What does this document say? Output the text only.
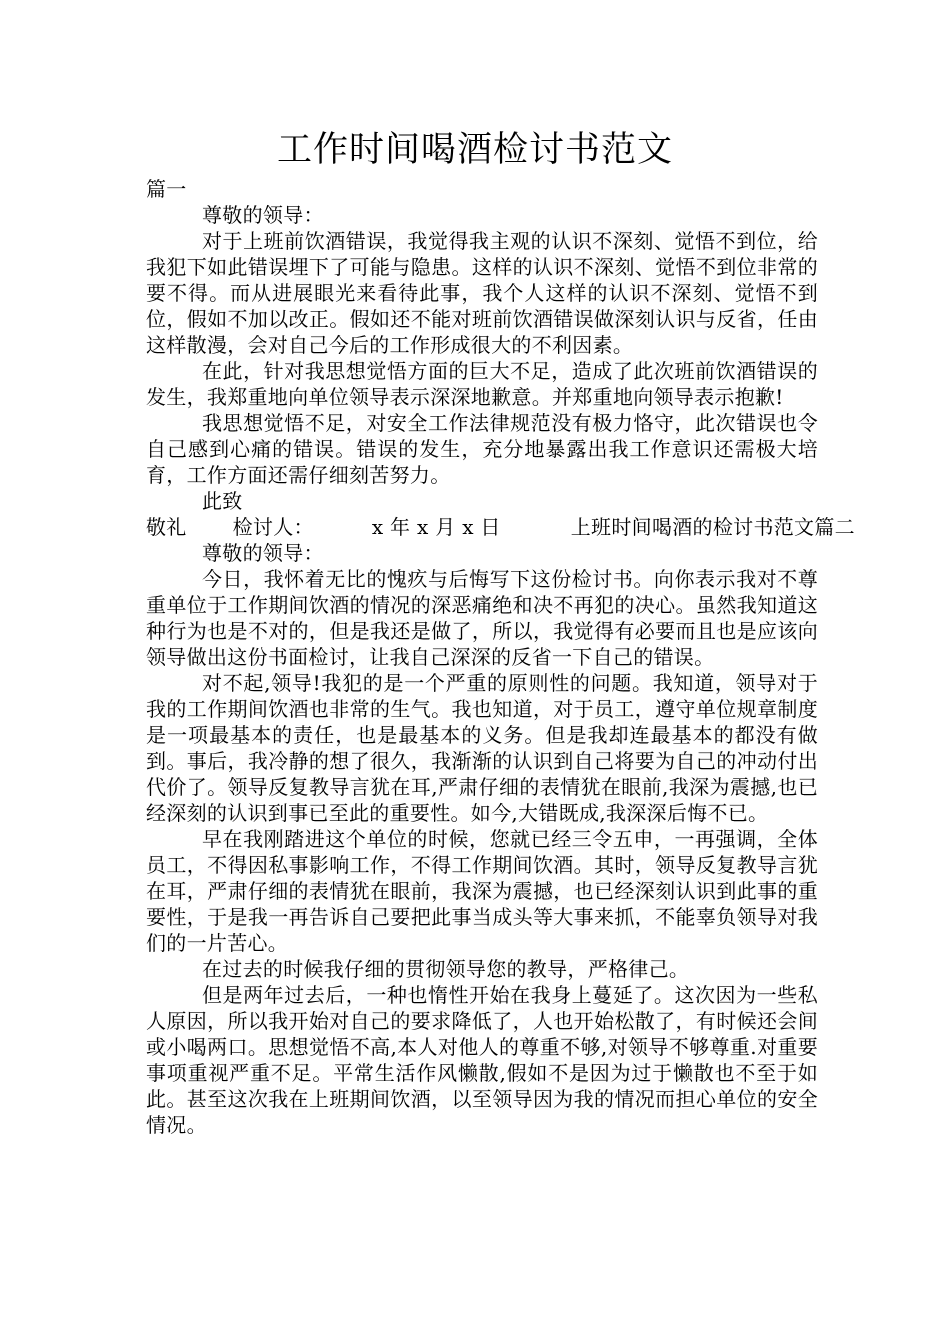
工作时间喝酒检讨书范文

篇一

尊敬的领导：

对于上班前饮酒错误，我觉得我主观的认识不深刻、觉悟不到位，给我犯下如此错误埋下了可能与隐患。这样的认识不深刻、觉悟不到位非常的要不得。而从进展眼光来看待此事，我个人这样的认识不深刻、觉悟不到位，假如不加以改正。假如还不能对班前饮酒错误做深刻认识与反省，任由这样散漫，会对自己今后的工作形成很大的不利因素。

在此，针对我思想觉悟方面的巨大不足，造成了此次班前饮酒错误的发生，我郑重地向单位领导表示深深地歉意。并郑重地向领导表示抱歉!

我思想觉悟不足，对安全工作法律规范没有极力恪守，此次错误也令自己感到心痛的错误。错误的发生，充分地暴露出我工作意识还需极大培育，工作方面还需仔细刻苦努力。

此致

敬礼 检讨人：	x 年 x 月 x 日	上班时间喝酒的检讨书范文篇二

尊敬的领导：

今日，我怀着无比的愧疚与后悔写下这份检讨书。向你表示我对不尊重单位于工作期间饮酒的情况的深恶痛绝和决不再犯的决心。虽然我知道这种行为也是不对的，但是我还是做了，所以，我觉得有必要而且也是应该向领导做出这份书面检讨，让我自己深深的反省一下自己的错误。

对不起,领导!我犯的是一个严重的原则性的问题。我知道，领导对于我的工作期间饮酒也非常的生气。我也知道，对于员工，遵守单位规章制度是一项最基本的责任，也是最基本的义务。但是我却连最基本的都没有做到。事后，我冷静的想了很久，我渐渐的认识到自己将要为自己的冲动付出代价了。领导反复教导言犹在耳,严肃仔细的表情犹在眼前,我深为震撼,也已经深刻的认识到事已至此的重要性。如今,大错既成,我深深后悔不已。

早在我刚踏进这个单位的时候，您就已经三令五申，一再强调，全体员工，不得因私事影响工作，不得工作期间饮酒。其时，领导反复教导言犹在耳，严肃仔细的表情犹在眼前，我深为震撼，也已经深刻认识到此事的重要性，于是我一再告诉自己要把此事当成头等大事来抓，不能辜负领导对我们的一片苦心。

在过去的时候我仔细的贯彻领导您的教导，严格律己。

但是两年过去后，一种也惰性开始在我身上蔓延了。这次因为一些私人原因，所以我开始对自己的要求降低了，人也开始松散了，有时候还会间或小喝两口。思想觉悟不高,本人对他人的尊重不够,对领导不够尊重.对重要事项重视严重不足。平常生活作风懒散,假如不是因为过于懒散也不至于如此。甚至这次我在上班期间饮酒，以至领导因为我的情况而担心单位的安全情况。
